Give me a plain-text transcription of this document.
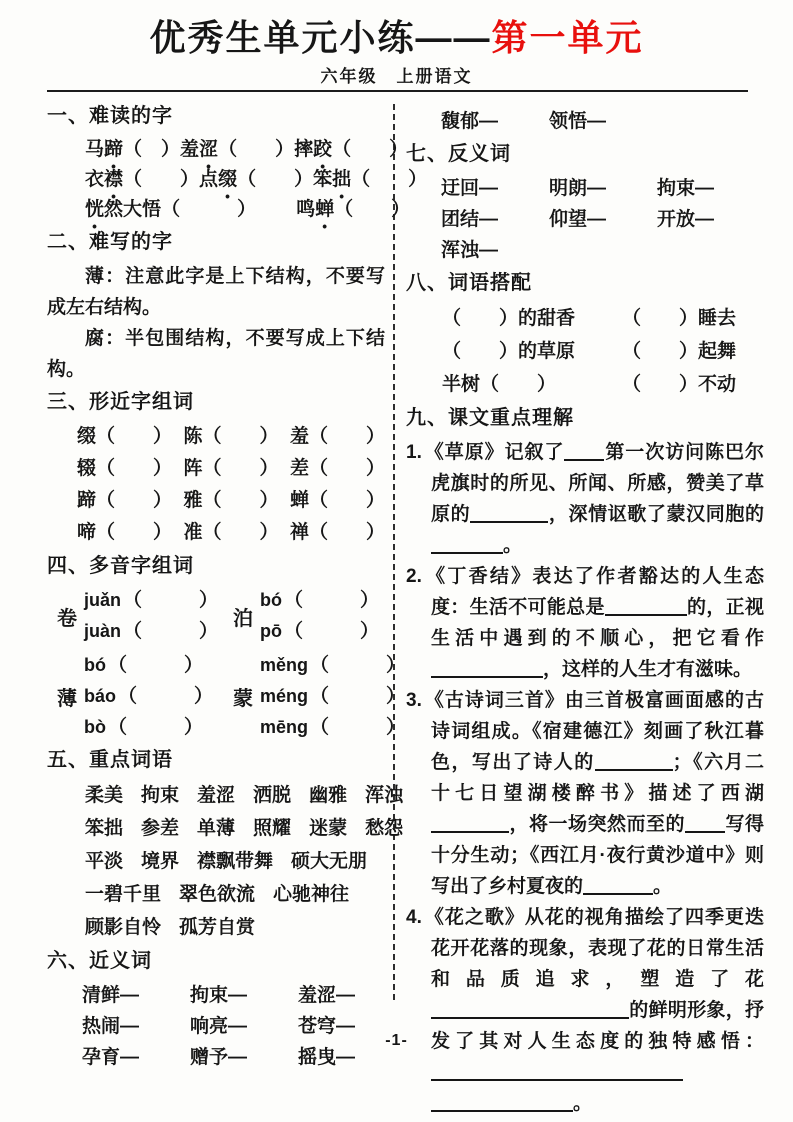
优秀生单元小练——第一单元
六年级　上册语文
一、难读的字
马蹄（　） 羞涩（　　） 摔跤（　　）
衣襟（　　） 点缀（　　） 笨拙（　　）
恍然大悟（　　　） 鸣蝉（　　）
二、难写的字
薄：注意此字是上下结构，不要写成左右结构。
腐：半包围结构，不要写成上下结构。
三、形近字组词
缀（　　） 陈（　　） 羞（　　）
辍（　　） 阵（　　） 差（　　）
蹄（　　） 雅（　　） 蝉（　　）
啼（　　） 准（　　） 禅（　　）
四、多音字组词
卷
juǎn （　　　）
juàn （　　　）
泊
bó （　　　）
pō （　　　）
薄
bó （　　　）
báo （　　　）
bò （　　　）
蒙
měng （　　　）
méng （　　　）
mēng （　　　）
五、重点词语
柔美 拘束 羞涩 洒脱 幽雅 浑浊
笨拙 参差 单薄 照耀 迷蒙 愁怨
平淡 境界 襟飘带舞 硕大无朋
一碧千里 翠色欲流 心驰神往
顾影自怜 孤芳自赏
六、近义词
清鲜—	拘束—	羞涩—
热闹—	响亮—	苍穹—
孕育—	赠予—	摇曳—
馥郁—	领悟—
七、反义词
迂回—	明朗—	拘束—
团结—	仰望—	开放—
浑浊—
八、词语搭配
（　　）的甜香	（　　）睡去
（　　）的草原	（　　）起舞
半树（　　）	（　　）不动
九、课文重点理解
1. 《草原》记叙了 第一次访问陈巴尔虎旗时的所见、所闻、所感，赞美了草原的	，深情讴歌了蒙汉同胞的。
2. 《丁香结》表达了作者豁达的人生态度：生活不可能总是	的，正视生活中遇到的不顺心，把它看作，这样的人生才有滋味。
3. 《古诗词三首》由三首极富画面感的古诗词组成。《宿建德江》刻画了秋江暮色，写出了诗人的	；《六月二十七日望湖楼醉书》描述了西湖，将一场突然而至的 写得十分生动；《西江月·夜行黄沙道中》则写出了乡村夏夜的	。
4. 《花之歌》从花的视角描绘了四季更迭花开花落的现象，表现了花的日常生活和品质追求，塑造了花的鲜明形象，抒发了其对人生态度的独特感悟：。
-1-
